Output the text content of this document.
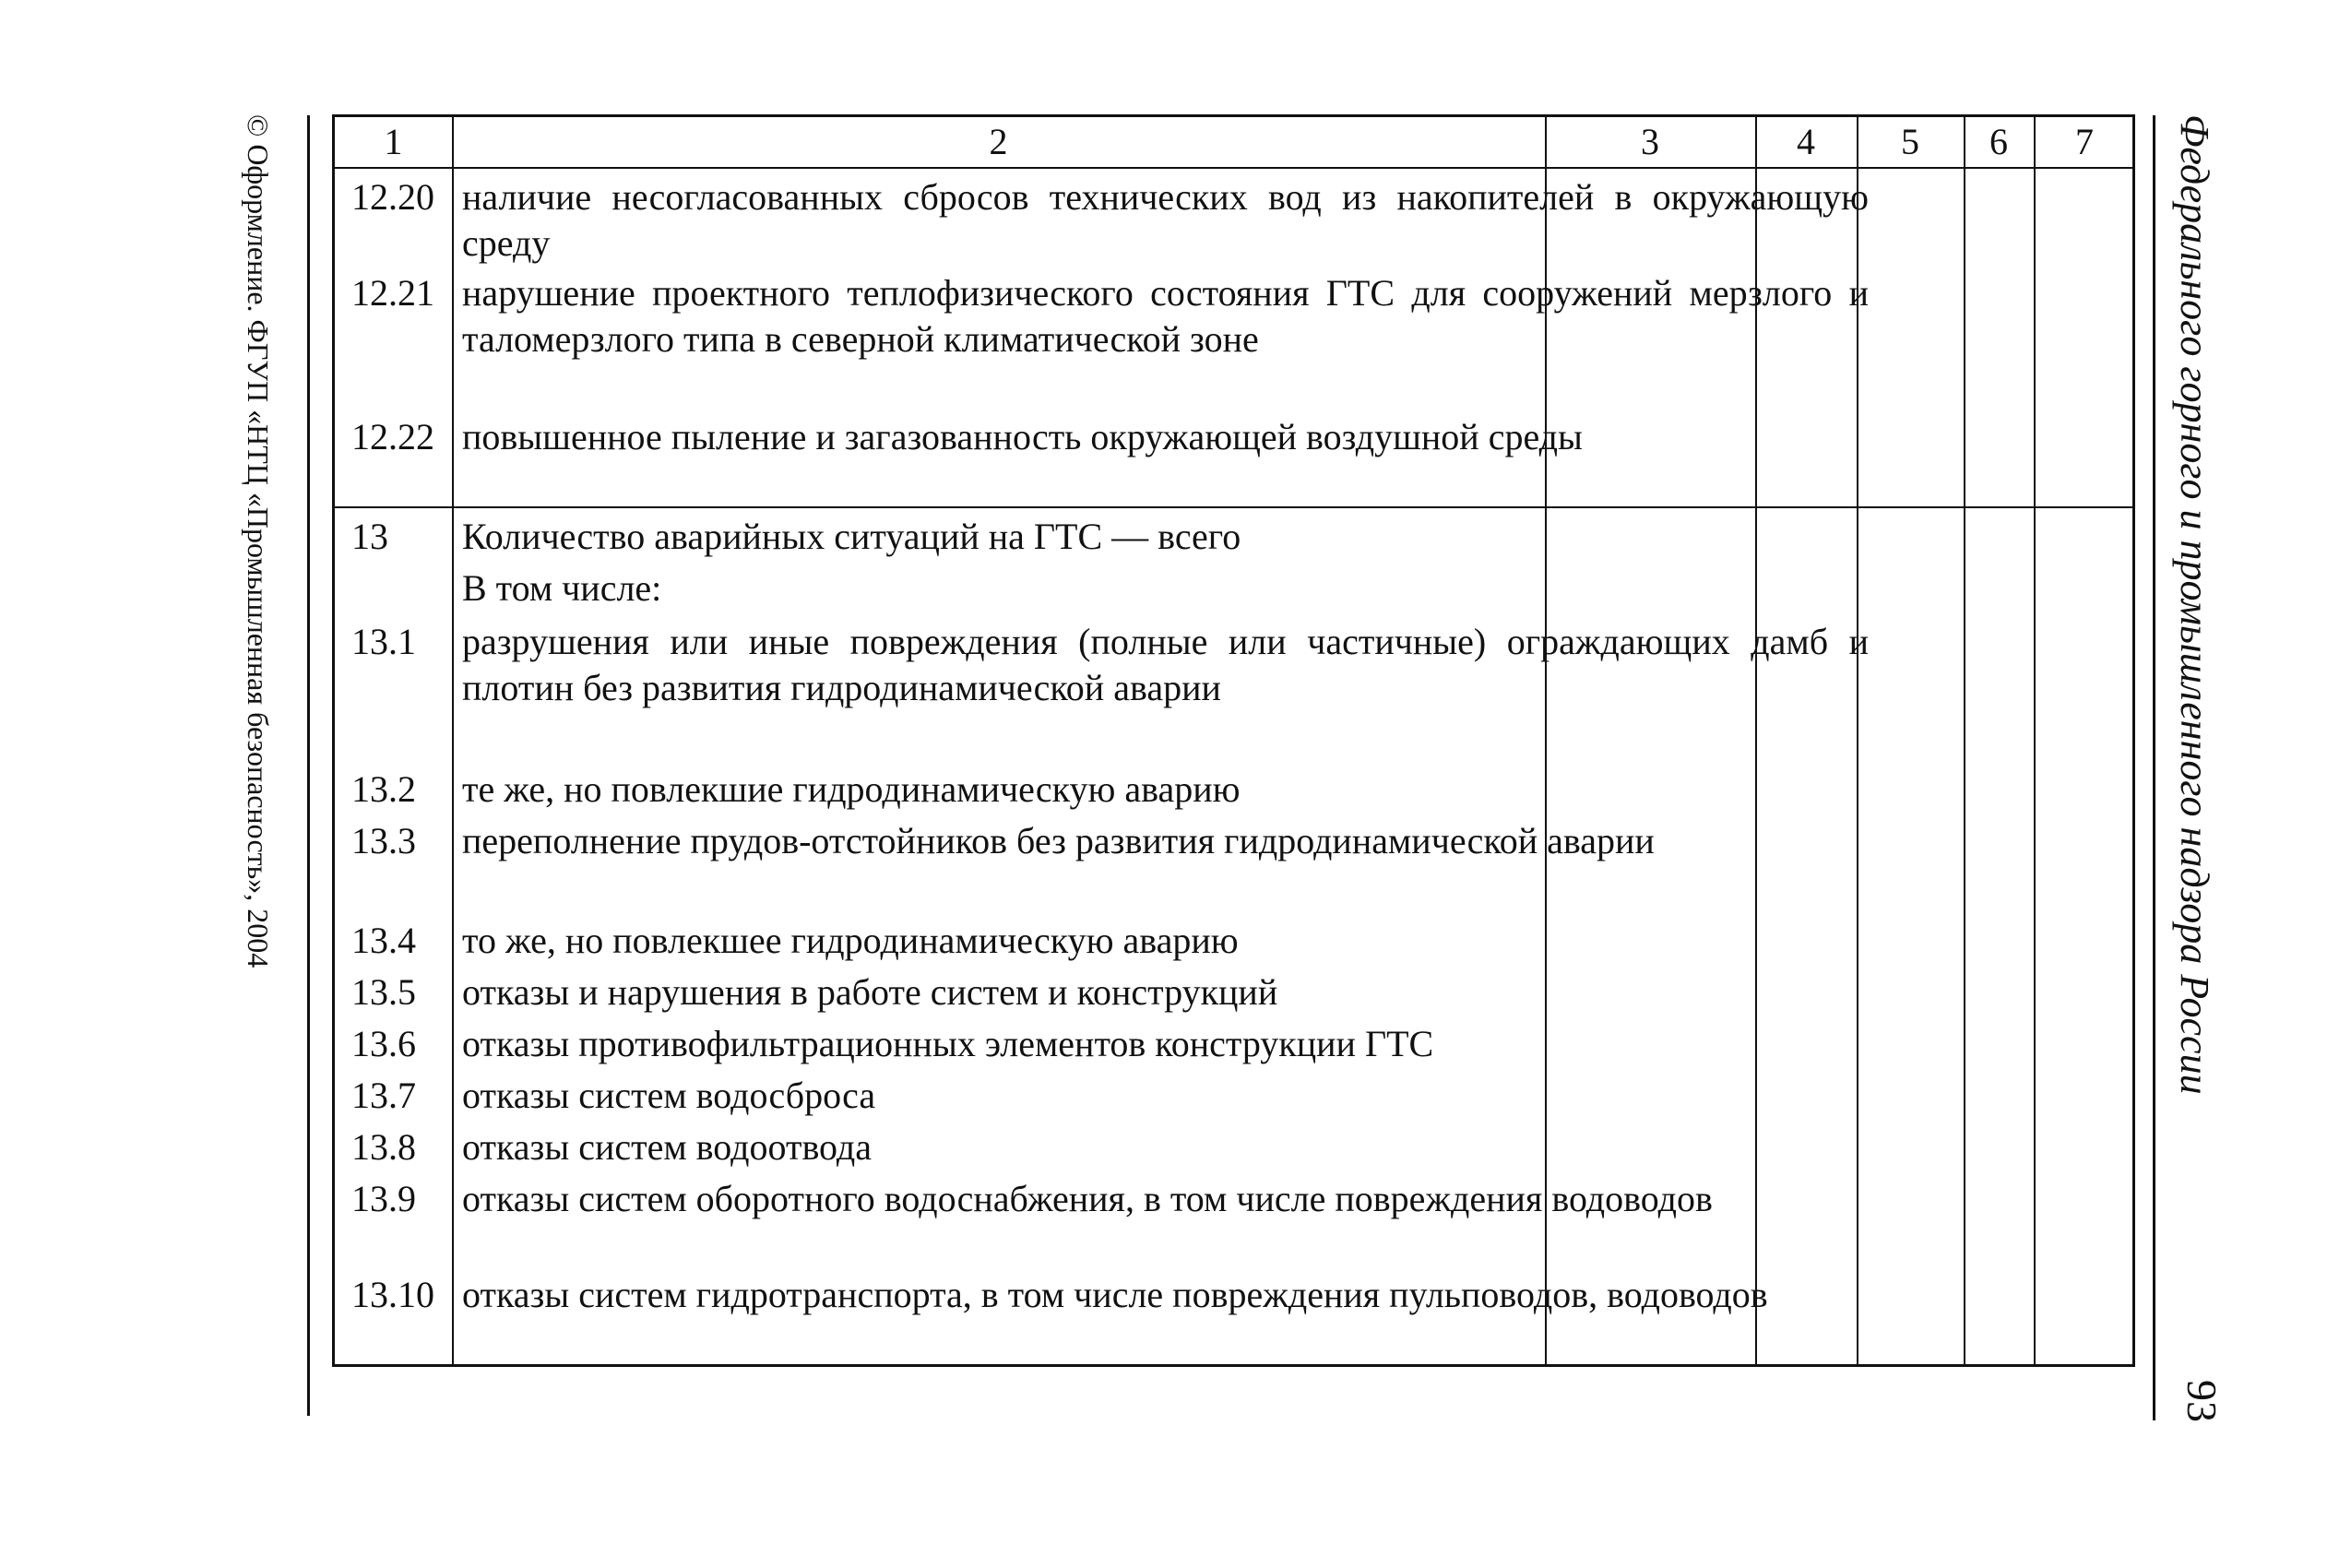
© Оформление. ФГУП «НТЦ «Промышленная безопасность», 2004	Федерального горного и промышленного надзора России
93
1	2	3	4	5	6	7
12.20 наличие несогласованных сбросов технических вод из накопителей в окружающую среду
12.21 нарушение проектного теплофизического состояния ГТС для сооружений мерзлого и таломерзлого типа в северной климатической зоне
12.22 повышенное пыление и загазованность окружающей воздушной среды
13	Количество аварийных ситуаций на ГТС — всего
В том числе:
13.1	разрушения или иные повреждения (полные или частичные) ограждающих дамб и плотин без развития гидродинамической аварии
13.2	те же, но повлекшие гидродинамическую аварию
13.3	переполнение прудов-отстойников без развития гидродинамической аварии
13.4	то же, но повлекшее гидродинамическую аварию
13.5	отказы и нарушения в работе систем и конструкций
13.6	отказы противофильтрационных элементов конструкции ГТС
13.7	отказы систем водосброса
13.8	отказы систем водоотвода
13.9	отказы систем оборотного водоснабжения, в том числе повреждения водоводов
13.10 отказы систем гидротранспорта, в том числе повреждения пульповодов, водоводов
